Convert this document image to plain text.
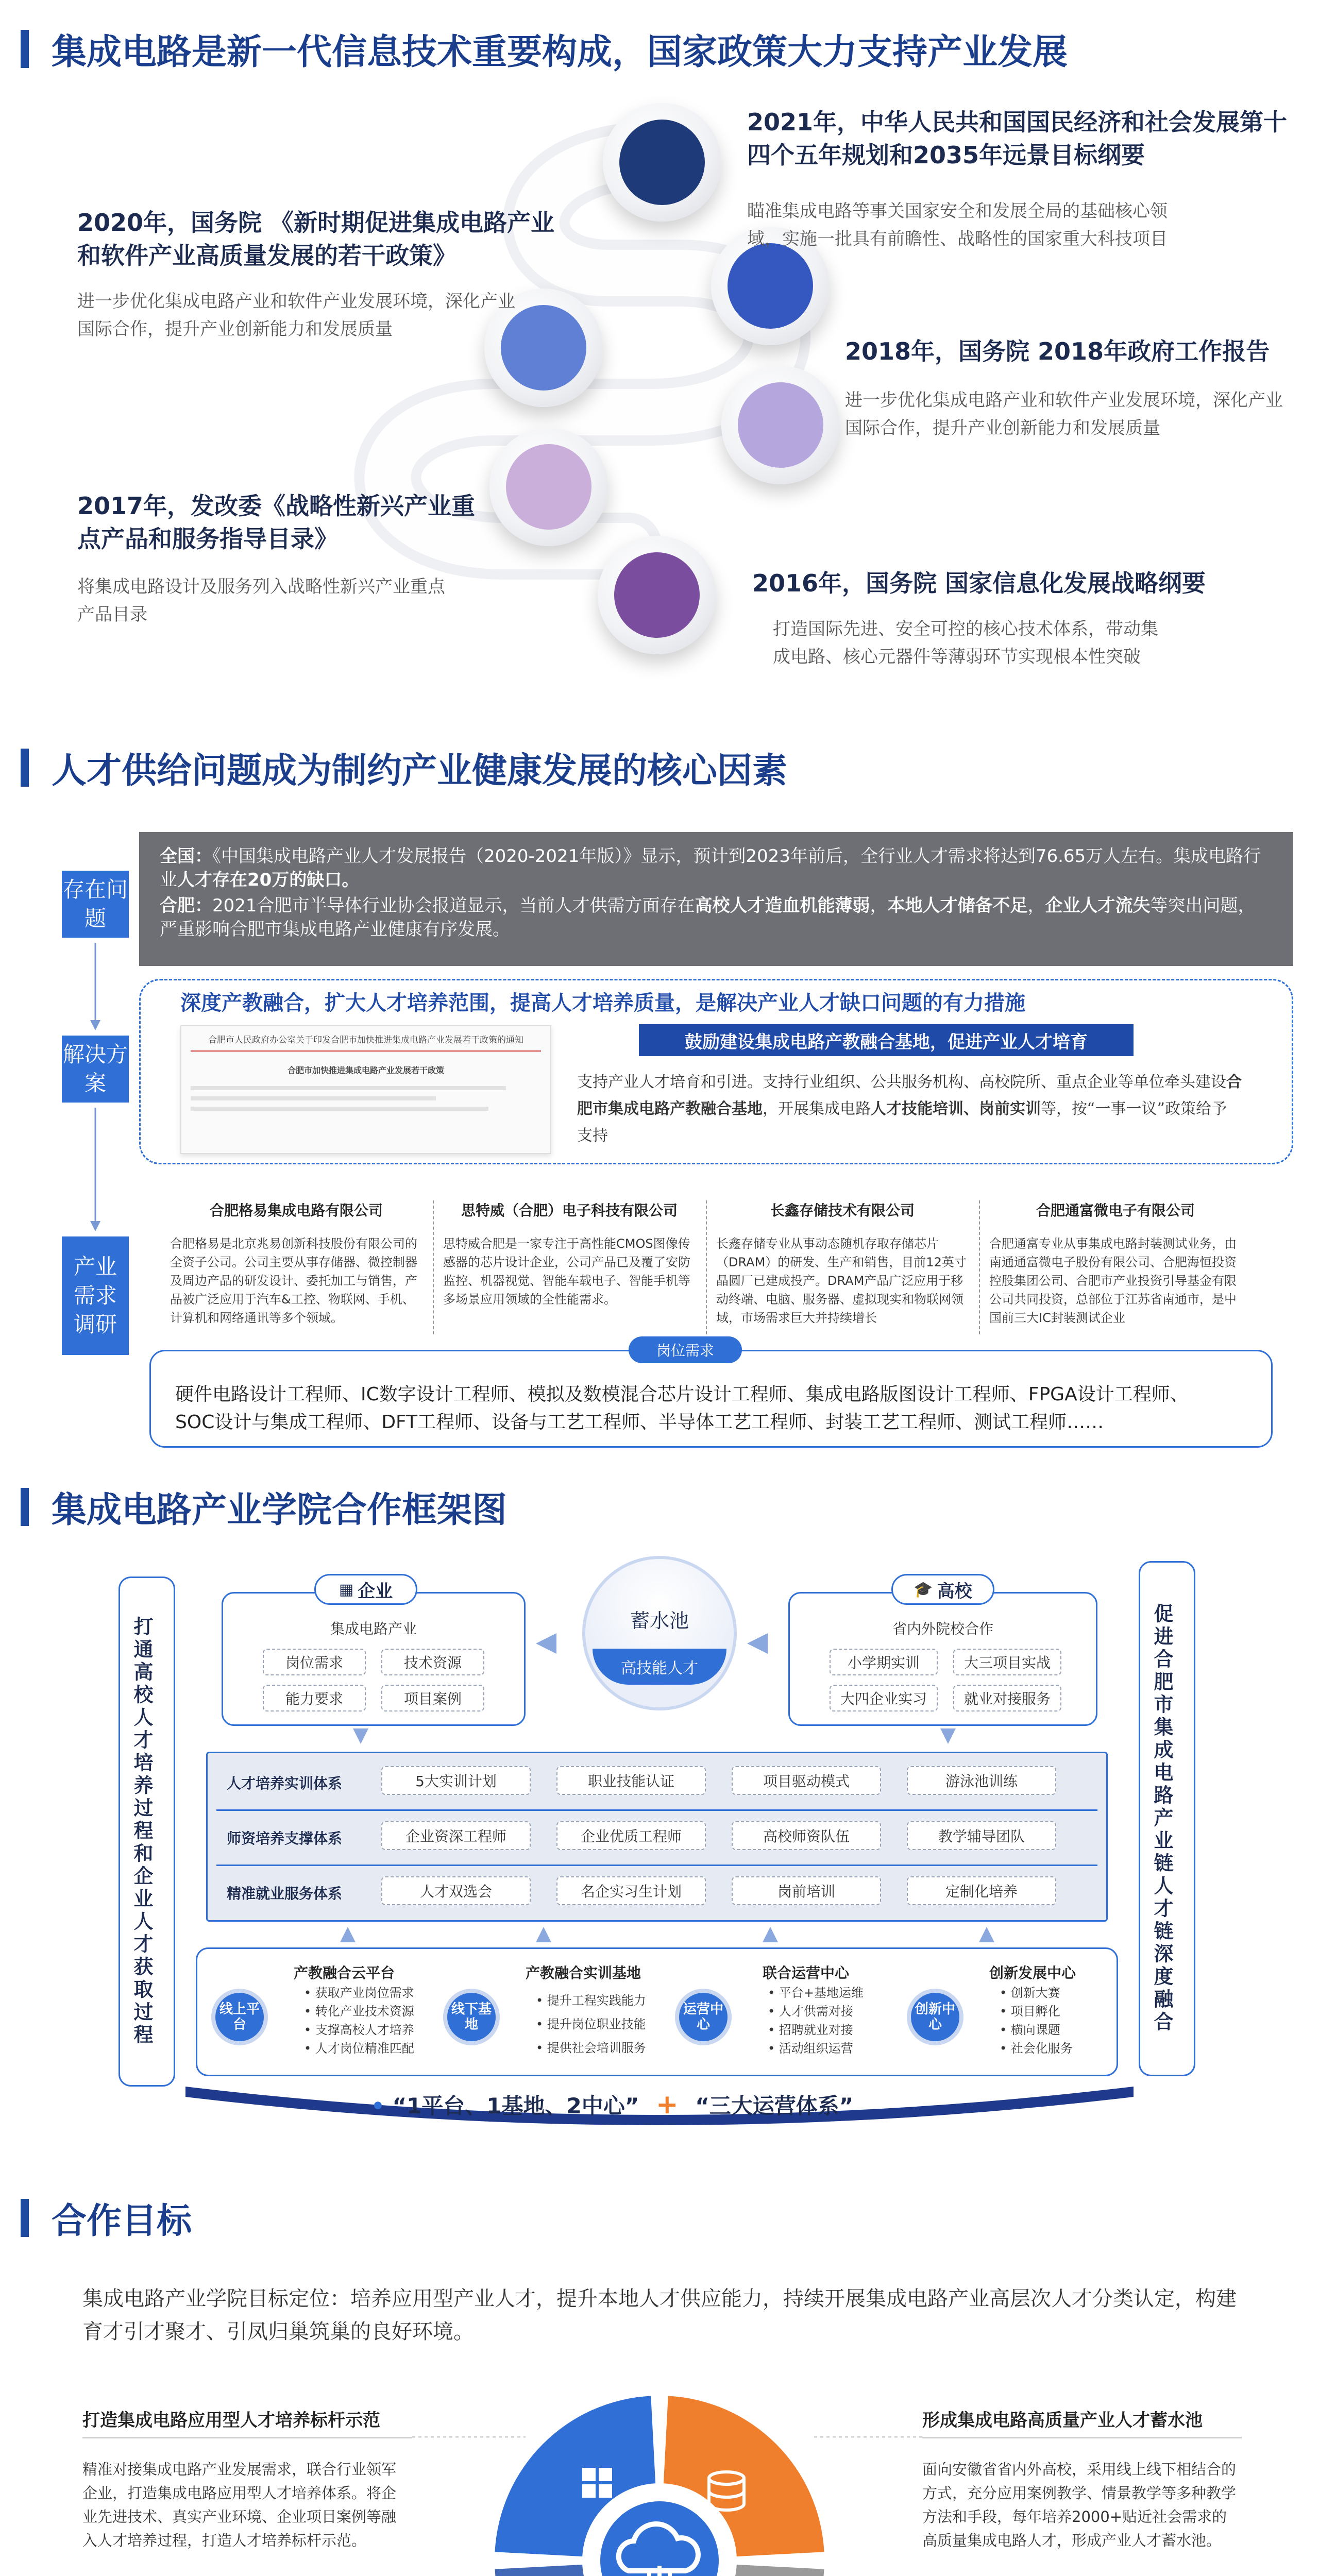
集成电路是新一代信息技术重要构成，国家政策大力支持产业发展
2021年，中华人民共和国国民经济和社会发展第十四个五年规划和2035年远景目标纲要
瞄准集成电路等事关国家安全和发展全局的基础核心领域，实施一批具有前瞻性、战略性的国家重大科技项目
2020年，国务院 《新时期促进集成电路产业和软件产业高质量发展的若干政策》
进一步优化集成电路产业和软件产业发展环境，深化产业国际合作，提升产业创新能力和发展质量
2018年，国务院 2018年政府工作报告
进一步优化集成电路产业和软件产业发展环境，深化产业国际合作，提升产业创新能力和发展质量
2017年，发改委《战略性新兴产业重点产品和服务指导目录》
将集成电路设计及服务列入战略性新兴产业重点产品目录
2016年，国务院 国家信息化发展战略纲要
打造国际先进、安全可控的核心技术体系，带动集成电路、核心元器件等薄弱环节实现根本性突破
人才供给问题成为制约产业健康发展的核心因素
存在问题
解决方案
产业需求调研
全国：《中国集成电路产业人才发展报告（2020-2021年版）》显示，预计到2023年前后，全行业人才需求将达到76.65万人左右。集成电路行业人才存在20万的缺口。
合肥：2021合肥市半导体行业协会报道显示，当前人才供需方面存在高校人才造血机能薄弱，本地人才储备不足，企业人才流失等突出问题，严重影响合肥市集成电路产业健康有序发展。
深度产教融合，扩大人才培养范围，提高人才培养质量，是解决产业人才缺口问题的有力措施
合肥市人民政府办公室关于印发合肥市加快推进集成电路产业发展若干政策的通知
合肥市加快推进集成电路产业发展若干政策
鼓励建设集成电路产教融合基地，促进产业人才培育
支持产业人才培育和引进。支持行业组织、公共服务机构、高校院所、重点企业等单位牵头建设合肥市集成电路产教融合基地，开展集成电路人才技能培训、岗前实训等，按“一事一议”政策给予支持
合肥格易集成电路有限公司
合肥格易是北京兆易创新科技股份有限公司的全资子公司。公司主要从事存储器、微控制器及周边产品的研发设计、委托加工与销售，产品被广泛应用于汽车&工控、物联网、手机、计算机和网络通讯等多个领域。
思特威（合肥）电子科技有限公司
思特威合肥是一家专注于高性能CMOS图像传感器的芯片设计企业，公司产品已及覆了安防监控、机器视觉、智能车载电子、智能手机等多场景应用领域的全性能需求。
长鑫存储技术有限公司
长鑫存储专业从事动态随机存取存储芯片（DRAM）的研发、生产和销售，目前12英寸晶圆厂已建成投产。DRAM产品广泛应用于移动终端、电脑、服务器、虚拟现实和物联网领域，市场需求巨大并持续增长
合肥通富微电子有限公司
合肥通富专业从事集成电路封装测试业务，由南通通富微电子股份有限公司、合肥海恒投资控股集团公司、合肥市产业投资引导基金有限公司共同投资，总部位于江苏省南通市，是中国前三大IC封装测试企业
岗位需求
硬件电路设计工程师、IC数字设计工程师、模拟及数模混合芯片设计工程师、集成电路版图设计工程师、FPGA设计工程师、
SOC设计与集成工程师、DFT工程师、设备与工艺工程师、半导体工艺工程师、封装工艺工程师、测试工程师……
集成电路产业学院合作框架图
打通高校人才培养过程和企业人才获取过程	促进合肥市集成电路产业链人才链深度融合
▦ 企业
集成电路产业
岗位需求	技术资源
能力要求	项目案例
蓄水池
高技能人才
🎓 高校
省内外院校合作
小学期实训	大三项目实战
大四企业实习	就业对接服务
人才培养实训体系	5大实训计划	职业技能认证	项目驱动模式	游泳池训练
师资培养支撑体系	企业资深工程师	企业优质工程师	高校师资队伍	教学辅导团队
精准就业服务体系	人才双选会	名企实习生计划	岗前培训	定制化培养
线上平台
产教融合云平台
• 获取产业岗位需求
• 转化产业技术资源
• 支撑高校人才培养
• 人才岗位精准匹配
线下基地
产教融合实训基地
• 提升工程实践能力
• 提升岗位职业技能
• 提供社会培训服务
运营中心
联合运营中心
• 平台+基地运维
• 人才供需对接
• 招聘就业对接
• 活动组织运营
创新中心
创新发展中心
• 创新大赛
• 项目孵化
• 横向课题
• 社会化服务
• “1平台、1基地、2中心” + “三大运营体系”
合作目标
集成电路产业学院目标定位：培养应用型产业人才，提升本地人才供应能力，持续开展集成电路产业高层次人才分类认定，构建育才引才聚才、引凤归巢筑巢的良好环境。
打造集成电路应用型人才培养标杆示范
精准对接集成电路产业发展需求，联合行业领军企业，打造集成电路应用型人才培养体系。将企业先进技术、真实产业环境、企业项目案例等融入人才培养过程，打造人才培养标杆示范。
形成集成电路高质量产业人才蓄水池
面向安徽省省内外高校，采用线上线下相结合的方式，充分应用案例教学、情景教学等多种教学方法和手段，每年培养2000+贴近社会需求的高质量集成电路人才，形成产业人才蓄水池。
